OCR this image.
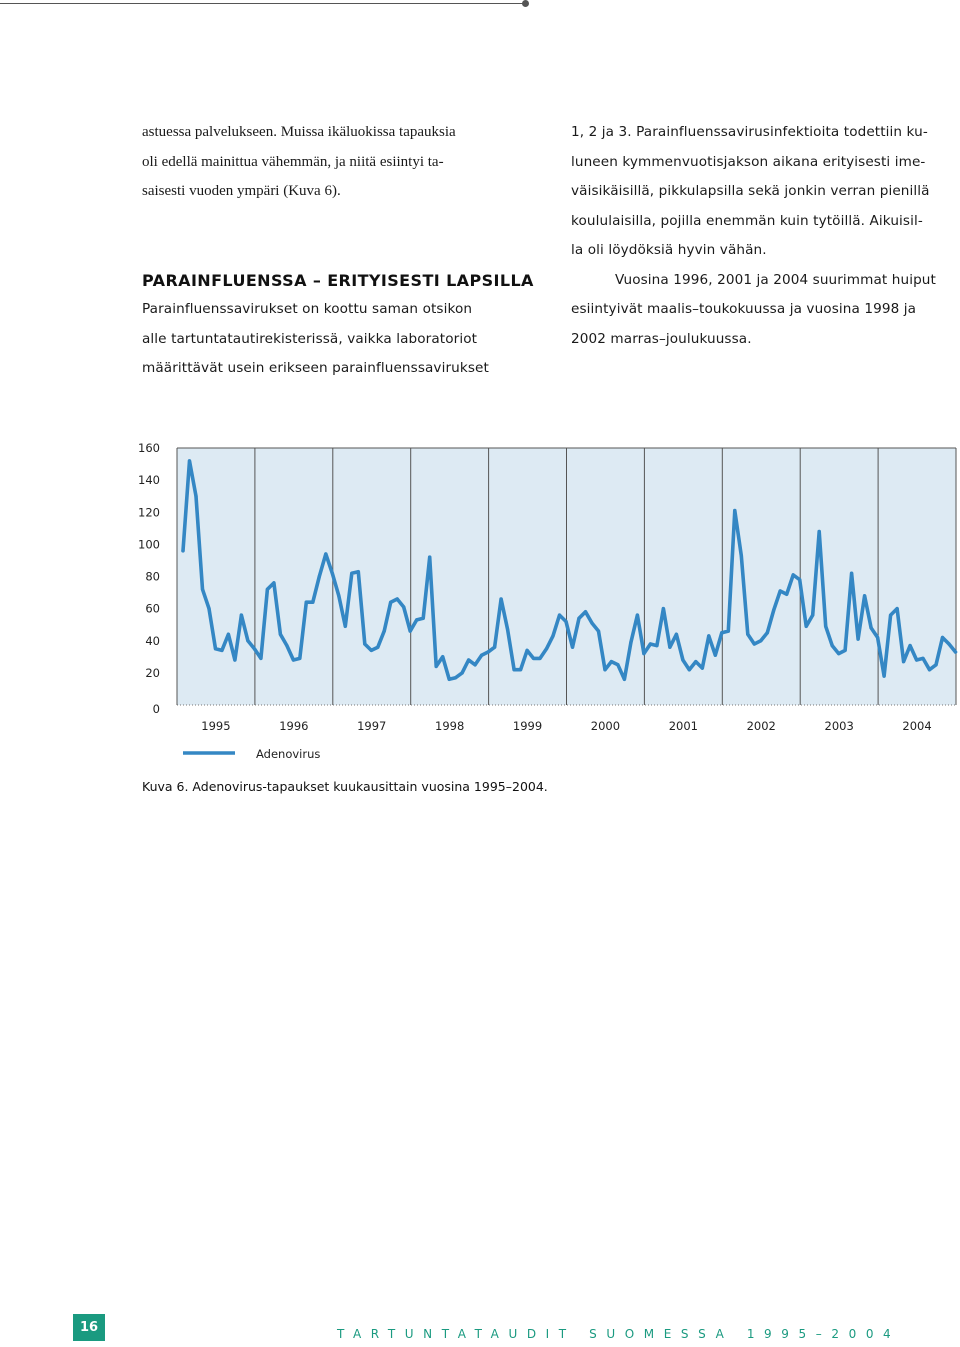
astuessa palvelukseen. Muissa ikäluokissa tapauksia
oli edellä mainittua vähemmän, ja niitä esiintyi ta-
saisesti vuoden ympäri (Kuva 6).

PARAINFLUENSSA – ERITYISESTI LAPSILLA

Parainfluenssavirukset on koottu saman otsikon
alle tartuntatautirekisterissä, vaikka laboratoriot
määrittävät usein erikseen parainfluenssavirukset

1, 2 ja 3. Parainfluenssavirusinfektioita todettiin ku-
luneen kymmenvuotisjakson aikana erityisesti ime-
väisikäisillä, pikkulapsilla sekä jonkin verran pienillä
koululaisilla, pojilla enemmän kuin tytöillä. Aikuisil-
la oli löydöksiä hyvin vähän.

Vuosina 1996, 2001 ja 2004 suurimmat huiput
esiintyivät maalis–toukokuussa ja vuosina 1998 ja
2002 marras–joulukuussa.

160
140
120
100
80
60
40
20
0
1995	1996	1997	1998	1999	2000	2001	2002	2003	2004
Adenovirus
Kuva 6. Adenovirus-tapaukset kuukausittain vuosina 1995–2004.
16	TARTUNTATAUDIT SUOMESSA 1995–2004
